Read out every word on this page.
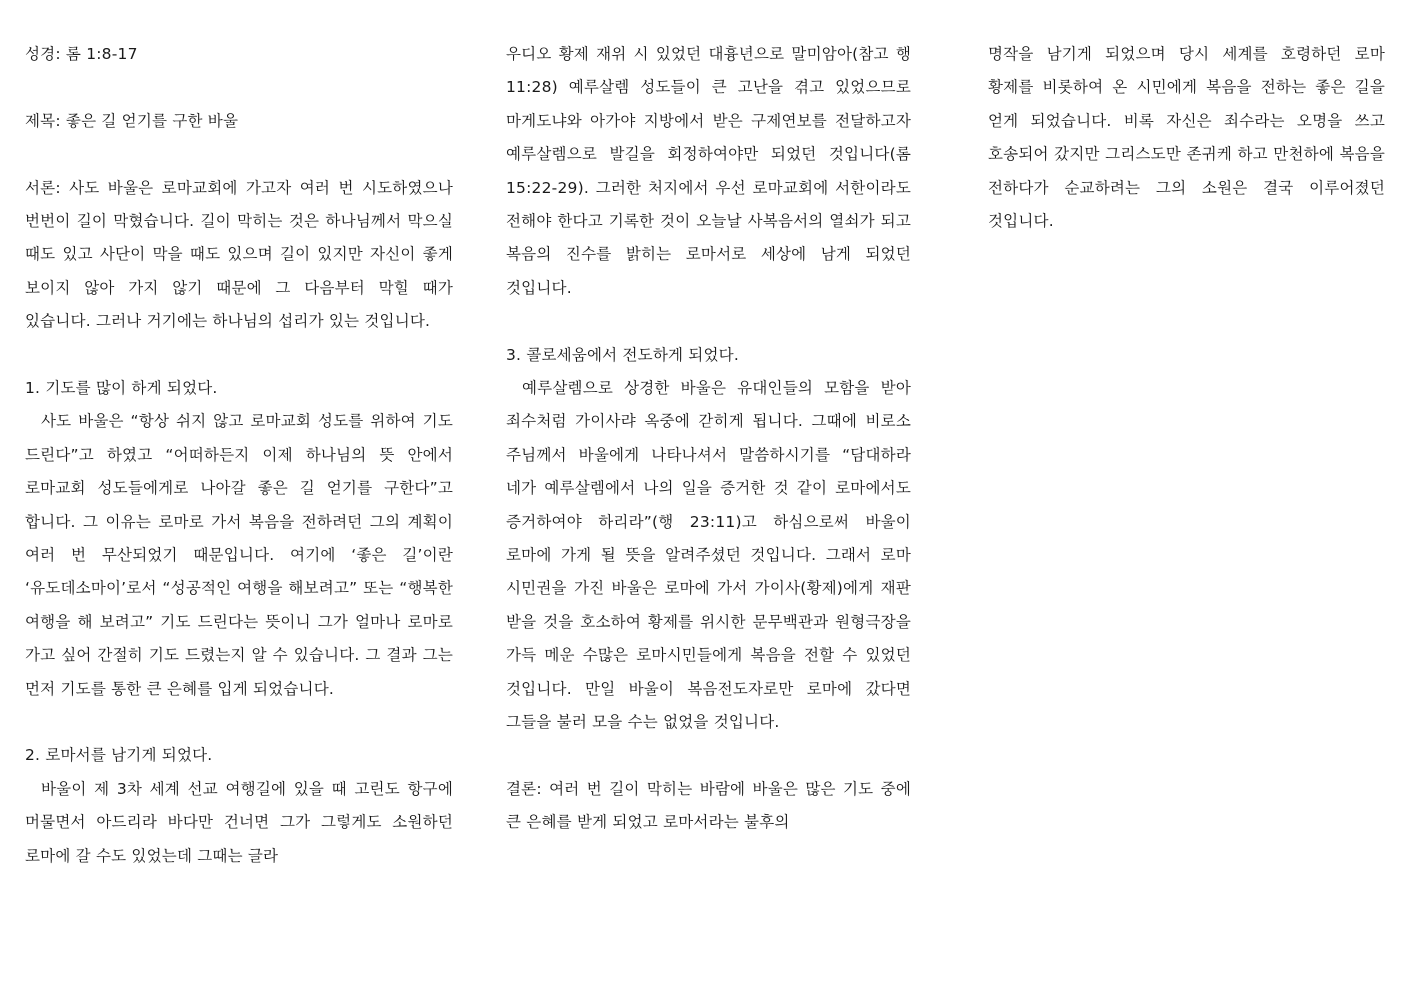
성경: 롬 1:8-17

제목: 좋은 길 얻기를 구한 바울

서론: 사도 바울은 로마교회에 가고자 여러 번 시도하였으나 번번이 길이 막혔습니다. 길이 막히는 것은 하나님께서 막으실 때도 있고 사단이 막을 때도 있으며 길이 있지만 자신이 좋게 보이지 않아 가지 않기 때문에 그 다음부터 막힐 때가 있습니다. 그러나 거기에는 하나님의 섭리가 있는 것입니다.

1. 기도를 많이 하게 되었다.

사도 바울은 “항상 쉬지 않고 로마교회 성도를 위하여 기도 드린다”고 하였고 “어떠하든지 이제 하나님의 뜻 안에서 로마교회 성도들에게로 나아갈 좋은 길 얻기를 구한다”고 합니다. 그 이유는 로마로 가서 복음을 전하려던 그의 계획이 여러 번 무산되었기 때문입니다. 여기에 ‘좋은 길’이란 ‘유도데소마이’로서 “성공적인 여행을 해보려고” 또는 “행복한 여행을 해 보려고” 기도 드린다는 뜻이니 그가 얼마나 로마로 가고 싶어 간절히 기도 드렸는지 알 수 있습니다. 그 결과 그는 먼저 기도를 통한 큰 은혜를 입게 되었습니다.

2. 로마서를 남기게 되었다.

바울이 제 3차 세계 선교 여행길에 있을 때 고린도 항구에 머물면서 아드리라 바다만 건너면 그가 그렇게도 소원하던 로마에 갈 수도 있었는데 그때는 글라

우디오 황제 재위 시 있었던 대흉년으로 말미암아(참고 행 11:28) 예루살렘 성도들이 큰 고난을 겪고 있었으므로 마게도냐와 아가야 지방에서 받은 구제연보를 전달하고자 예루살렘으로 발길을 회정하여야만 되었던 것입니다(롬 15:22-29). 그러한 처지에서 우선 로마교회에 서한이라도 전해야 한다고 기록한 것이 오늘날 사복음서의 열쇠가 되고 복음의 진수를 밝히는 로마서로 세상에 남게 되었던 것입니다.

3. 콜로세움에서 전도하게 되었다.

예루살렘으로 상경한 바울은 유대인들의 모함을 받아 죄수처럼 가이사랴 옥중에 갇히게 됩니다. 그때에 비로소 주님께서 바울에게 나타나셔서 말씀하시기를 “담대하라 네가 예루살렘에서 나의 일을 증거한 것 같이 로마에서도 증거하여야 하리라”(행 23:11)고 하심으로써 바울이 로마에 가게 될 뜻을 알려주셨던 것입니다. 그래서 로마 시민권을 가진 바울은 로마에 가서 가이사(황제)에게 재판 받을 것을 호소하여 황제를 위시한 문무백관과 원형극장을 가득 메운 수많은 로마시민들에게 복음을 전할 수 있었던 것입니다. 만일 바울이 복음전도자로만 로마에 갔다면 그들을 불러 모을 수는 없었을 것입니다.

결론: 여러 번 길이 막히는 바람에 바울은 많은 기도 중에 큰 은혜를 받게 되었고 로마서라는 불후의

명작을 남기게 되었으며 당시 세계를 호령하던 로마 황제를 비롯하여 온 시민에게 복음을 전하는 좋은 길을 얻게 되었습니다. 비록 자신은 죄수라는 오명을 쓰고 호송되어 갔지만 그리스도만 존귀케 하고 만천하에 복음을 전하다가 순교하려는 그의 소원은 결국 이루어졌던 것입니다.
